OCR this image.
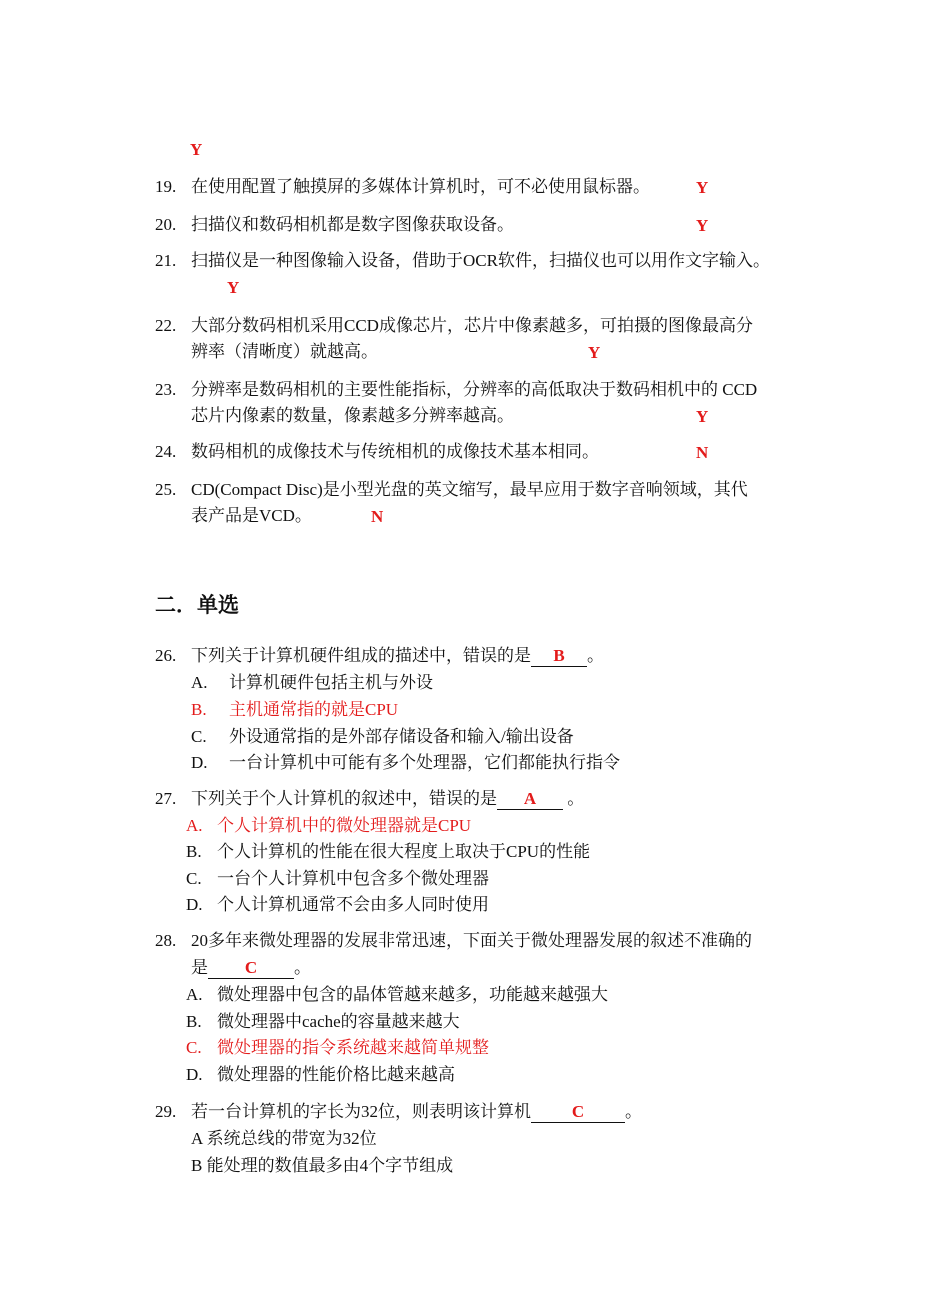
Y
19. 在使用配置了触摸屏的多媒体计算机时，可不必使用鼠标器。	Y
20. 扫描仪和数码相机都是数字图像获取设备。	Y
21. 扫描仪是一种图像输入设备，借助于OCR软件，扫描仪也可以用作文字输入。
Y
22. 大部分数码相机采用CCD成像芯片，芯片中像素越多，可拍摄的图像最高分
辨率（清晰度）就越高。	Y
23. 分辨率是数码相机的主要性能指标，分辨率的高低取决于数码相机中的 CCD
芯片内像素的数量，像素越多分辨率越高。	Y
24. 数码相机的成像技术与传统相机的成像技术基本相同。	N
25. CD(Compact Disc)是小型光盘的英文缩写，最早应用于数字音响领域，其代
表产品是VCD。	N
二．单选
26. 下列关于计算机硬件组成的描述中，错误的是 B 。
A. 计算机硬件包括主机与外设
B. 主机通常指的就是CPU
C. 外设通常指的是外部存储设备和输入/输出设备
D. 一台计算机中可能有多个处理器，它们都能执行指令
27. 下列关于个人计算机的叙述中，错误的是 A 。
A. 个人计算机中的微处理器就是CPU
B. 个人计算机的性能在很大程度上取决于CPU的性能
C. 一台个人计算机中包含多个微处理器
D. 个人计算机通常不会由多人同时使用
28. 20多年来微处理器的发展非常迅速，下面关于微处理器发展的叙述不准确的
是 C 。
A. 微处理器中包含的晶体管越来越多，功能越来越强大
B. 微处理器中cache的容量越来越大
C. 微处理器的指令系统越来越简单规整
D. 微处理器的性能价格比越来越高
29. 若一台计算机的字长为32位，则表明该计算机 C 。
A 系统总线的带宽为32位
B 能处理的数值最多由4个字节组成
